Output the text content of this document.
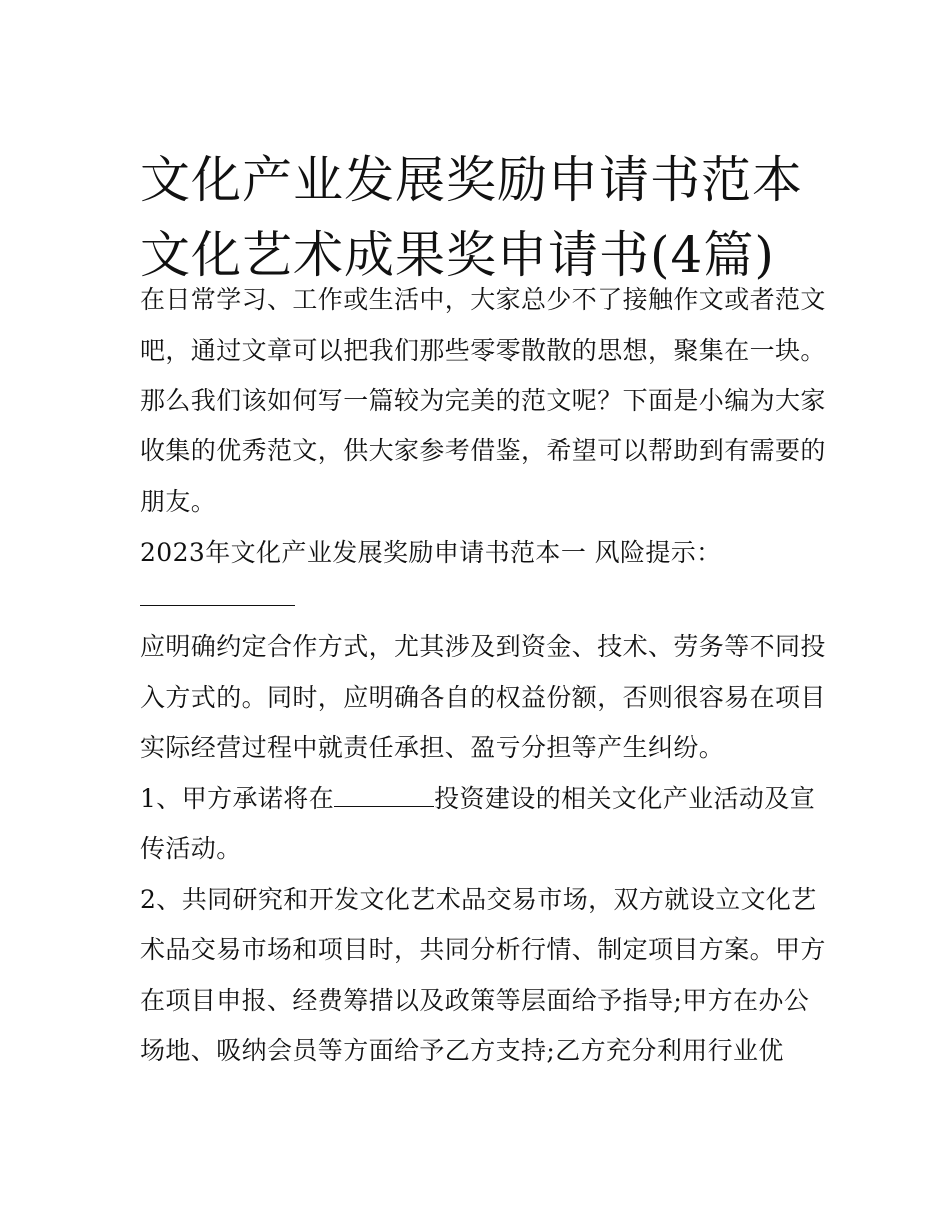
文化产业发展奖励申请书范本
文化艺术成果奖申请书(4篇)
在日常学习、工作或生活中，大家总少不了接触作文或者范文
吧，通过文章可以把我们那些零零散散的思想，聚集在一块。
那么我们该如何写一篇较为完美的范文呢？下面是小编为大家
收集的优秀范文，供大家参考借鉴，希望可以帮助到有需要的
朋友。
2023年文化产业发展奖励申请书范本一 风险提示：
应明确约定合作方式，尤其涉及到资金、技术、劳务等不同投
入方式的。同时，应明确各自的权益份额，否则很容易在项目
实际经营过程中就责任承担、盈亏分担等产生纠纷。
1、甲方承诺将在	投资建设的相关文化产业活动及宣
传活动。
2、共同研究和开发文化艺术品交易市场，双方就设立文化艺
术品交易市场和项目时，共同分析行情、制定项目方案。甲方
在项目申报、经费筹措以及政策等层面给予指导;甲方在办公
场地、吸纳会员等方面给予乙方支持;乙方充分利用行业优
